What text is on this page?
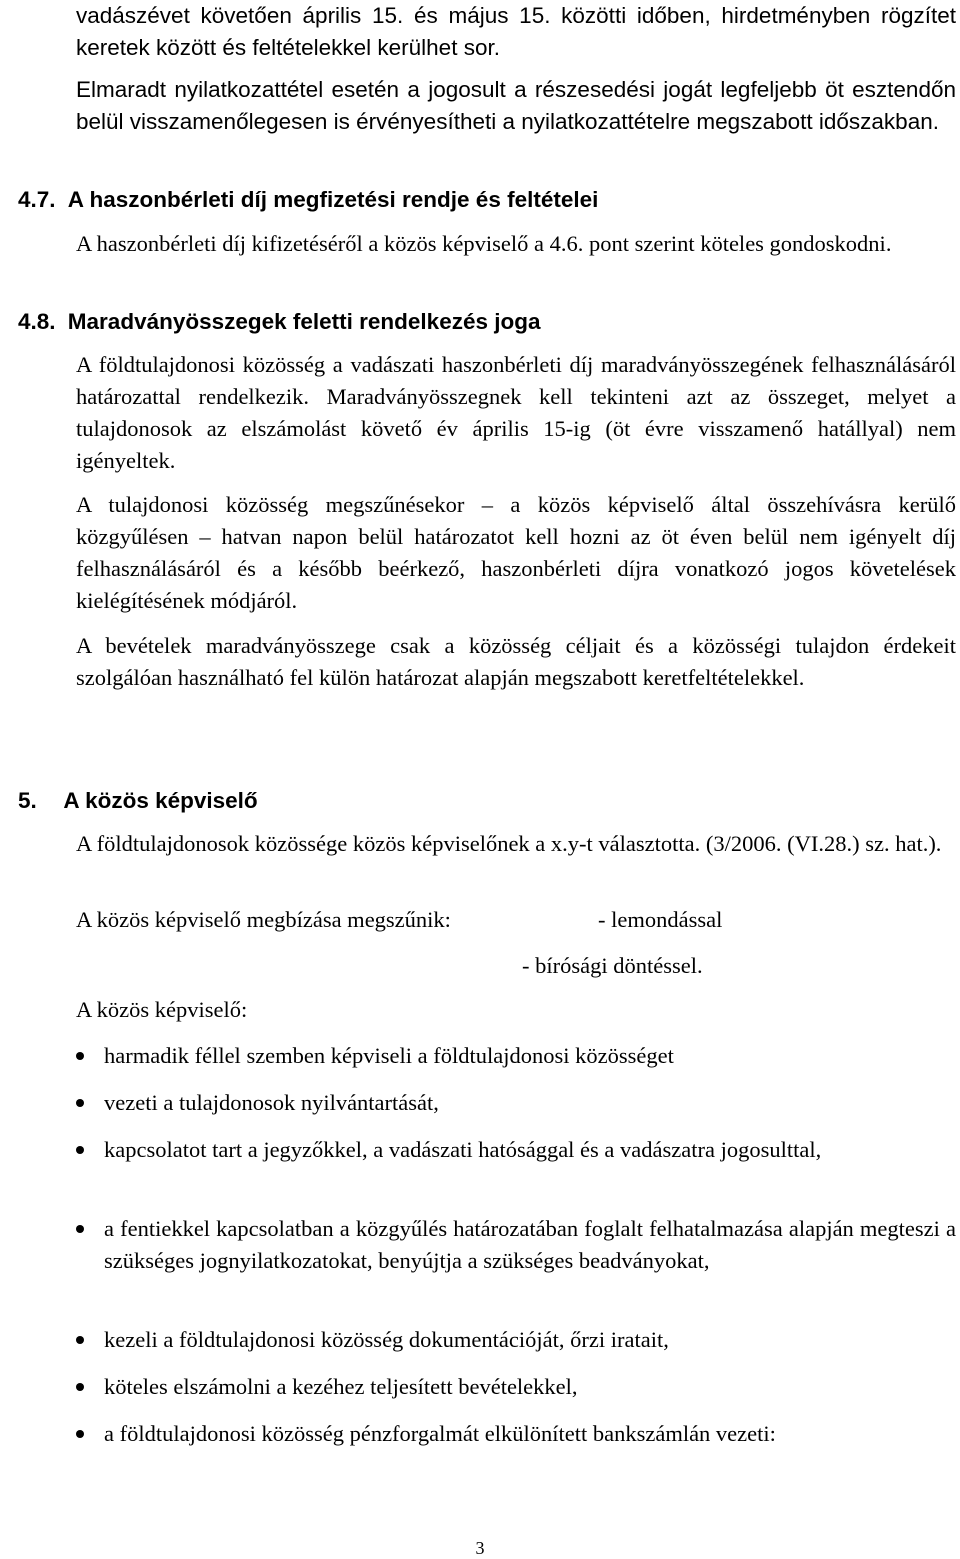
vadászévet követően április 15. és május 15. közötti időben, hirdetményben rögzítet keretek között és feltételekkel kerülhet sor.
Elmaradt nyilatkozattétel esetén a jogosult a részesedési jogát legfeljebb öt esztendőn belül visszamenőlegesen is érvényesítheti a nyilatkozattételre megszabott időszakban.
4.7. A haszonbérleti díj megfizetési rendje és feltételei
A haszonbérleti díj kifizetéséről a közös képviselő a 4.6. pont szerint köteles gondoskodni.
4.8. Maradványösszegek feletti rendelkezés joga
A földtulajdonosi közösség a vadászati haszonbérleti díj maradványösszegének felhasználásáról határozattal rendelkezik. Maradványösszegnek kell tekinteni azt az összeget, melyet a tulajdonosok az elszámolást követő év április 15-ig (öt évre visszamenő hatállyal) nem igényeltek.
A tulajdonosi közösség megszűnésekor – a közös képviselő által összehívásra kerülő közgyűlésen – hatvan napon belül határozatot kell hozni az öt éven belül nem igényelt díj felhasználásáról és a később beérkező, haszonbérleti díjra vonatkozó jogos követelések kielégítésének módjáról.
A bevételek maradványösszege csak a közösség céljait és a közösségi tulajdon érdekeit szolgálóan használható fel külön határozat alapján megszabott keretfeltételekkel.
5. A közös képviselő
A földtulajdonosok közössége közös képviselőnek a x.y-t választotta. (3/2006. (VI.28.) sz. hat.).
A közös képviselő megbízása megszűnik:	- lemondással
- bírósági döntéssel.
A közös képviselő:
harmadik féllel szemben képviseli a földtulajdonosi közösséget
vezeti a tulajdonosok nyilvántartását,
kapcsolatot tart a jegyzőkkel, a vadászati hatósággal és a vadászatra jogosulttal,
a fentiekkel kapcsolatban a közgyűlés határozatában foglalt felhatalmazása alapján megteszi a szükséges jognyilatkozatokat, benyújtja a szükséges beadványokat,
kezeli a földtulajdonosi közösség dokumentációját, őrzi iratait,
köteles elszámolni a kezéhez teljesített bevételekkel,
a földtulajdonosi közösség pénzforgalmát elkülönített bankszámlán vezeti:
3
